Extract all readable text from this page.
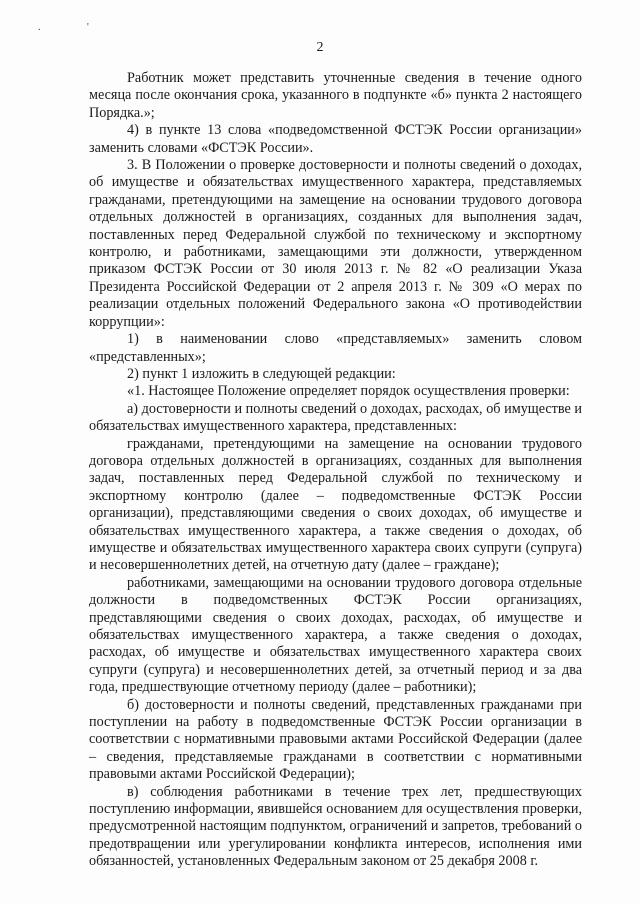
. '
2

Работник может представить уточненные сведения в течение одного месяца после окончания срока, указанного в подпункте «б» пункта 2 настоящего Порядка.»;

4) в пункте 13 слова «подведомственной ФСТЭК России организации» заменить словами «ФСТЭК России».

3. В Положении о проверке достоверности и полноты сведений о доходах, об имуществе и обязательствах имущественного характера, представляемых гражданами, претендующими на замещение на основании трудового договора отдельных должностей в организациях, созданных для выполнения задач, поставленных перед Федеральной службой по техническому и экспортному контролю, и работниками, замещающими эти должности, утвержденном приказом ФСТЭК России от 30 июля 2013 г. № 82 «О реализации Указа Президента Российской Федерации от 2 апреля 2013 г. № 309 «О мерах по реализации отдельных положений Федерального закона «О противодействии коррупции»:

1) в наименовании слово «представляемых» заменить словом «представленных»;

2) пункт 1 изложить в следующей редакции:

«1. Настоящее Положение определяет порядок осуществления проверки:

а) достоверности и полноты сведений о доходах, расходах, об имуществе и обязательствах имущественного характера, представленных:

гражданами, претендующими на замещение на основании трудового договора отдельных должностей в организациях, созданных для выполнения задач, поставленных перед Федеральной службой по техническому и экспортному контролю (далее – подведомственные ФСТЭК России организации), представляющими сведения о своих доходах, об имуществе и обязательствах имущественного характера, а также сведения о доходах, об имуществе и обязательствах имущественного характера своих супруги (супруга) и несовершеннолетних детей, на отчетную дату (далее – граждане);

работниками, замещающими на основании трудового договора отдельные должности в подведомственных ФСТЭК России организациях, представляющими сведения о своих доходах, расходах, об имуществе и обязательствах имущественного характера, а также сведения о доходах, расходах, об имуществе и обязательствах имущественного характера своих супруги (супруга) и несовершеннолетних детей, за отчетный период и за два года, предшествующие отчетному периоду (далее – работники);

б) достоверности и полноты сведений, представленных гражданами при поступлении на работу в подведомственные ФСТЭК России организации в соответствии с нормативными правовыми актами Российской Федерации (далее – сведения, представляемые гражданами в соответствии с нормативными правовыми актами Российской Федерации);

в) соблюдения работниками в течение трех лет, предшествующих поступлению информации, явившейся основанием для осуществления проверки, предусмотренной настоящим подпунктом, ограничений и запретов, требований о предотвращении или урегулировании конфликта интересов, исполнения ими обязанностей, установленных Федеральным законом от 25 декабря 2008 г.
